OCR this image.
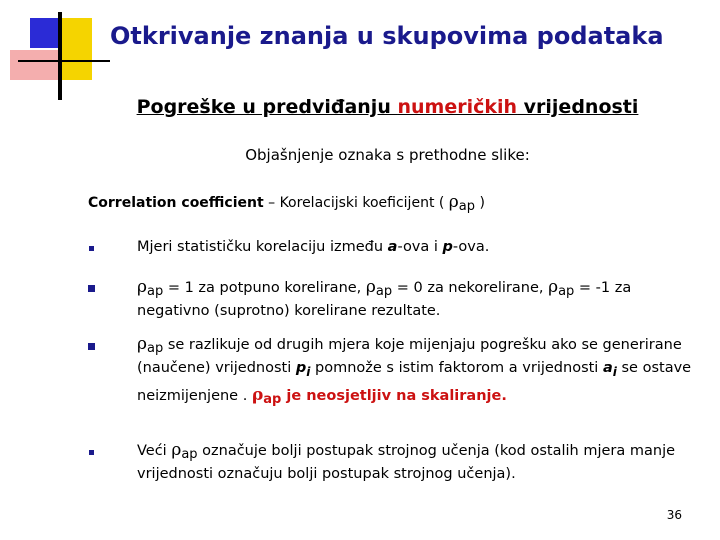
Otkrivanje znanja u skupovima podataka
Pogreške u predviđanju numeričkih vrijednosti
Objašnjenje oznaka s prethodne slike:
Correlation coefficient – Korelacijski koeficijent ( ρap )
Mjeri statističku korelaciju između a-ova i p-ova.
ρap = 1 za potpuno korelirane, ρap = 0 za nekorelirane, ρap = -1 za negativno (suprotno) korelirane rezultate.
ρap se razlikuje od drugih mjera koje mijenjaju pogrešku ako se generirane (naučene) vrijednosti $p_i$ pomnože s istim faktorom a vrijednosti $a_i$ se ostave neizmijenjene . ρap je neosjetljiv na skaliranje.
Veći ρap označuje bolji postupak strojnog učenja (kod ostalih mjera manje vrijednosti označuju bolji postupak strojnog učenja).
36
